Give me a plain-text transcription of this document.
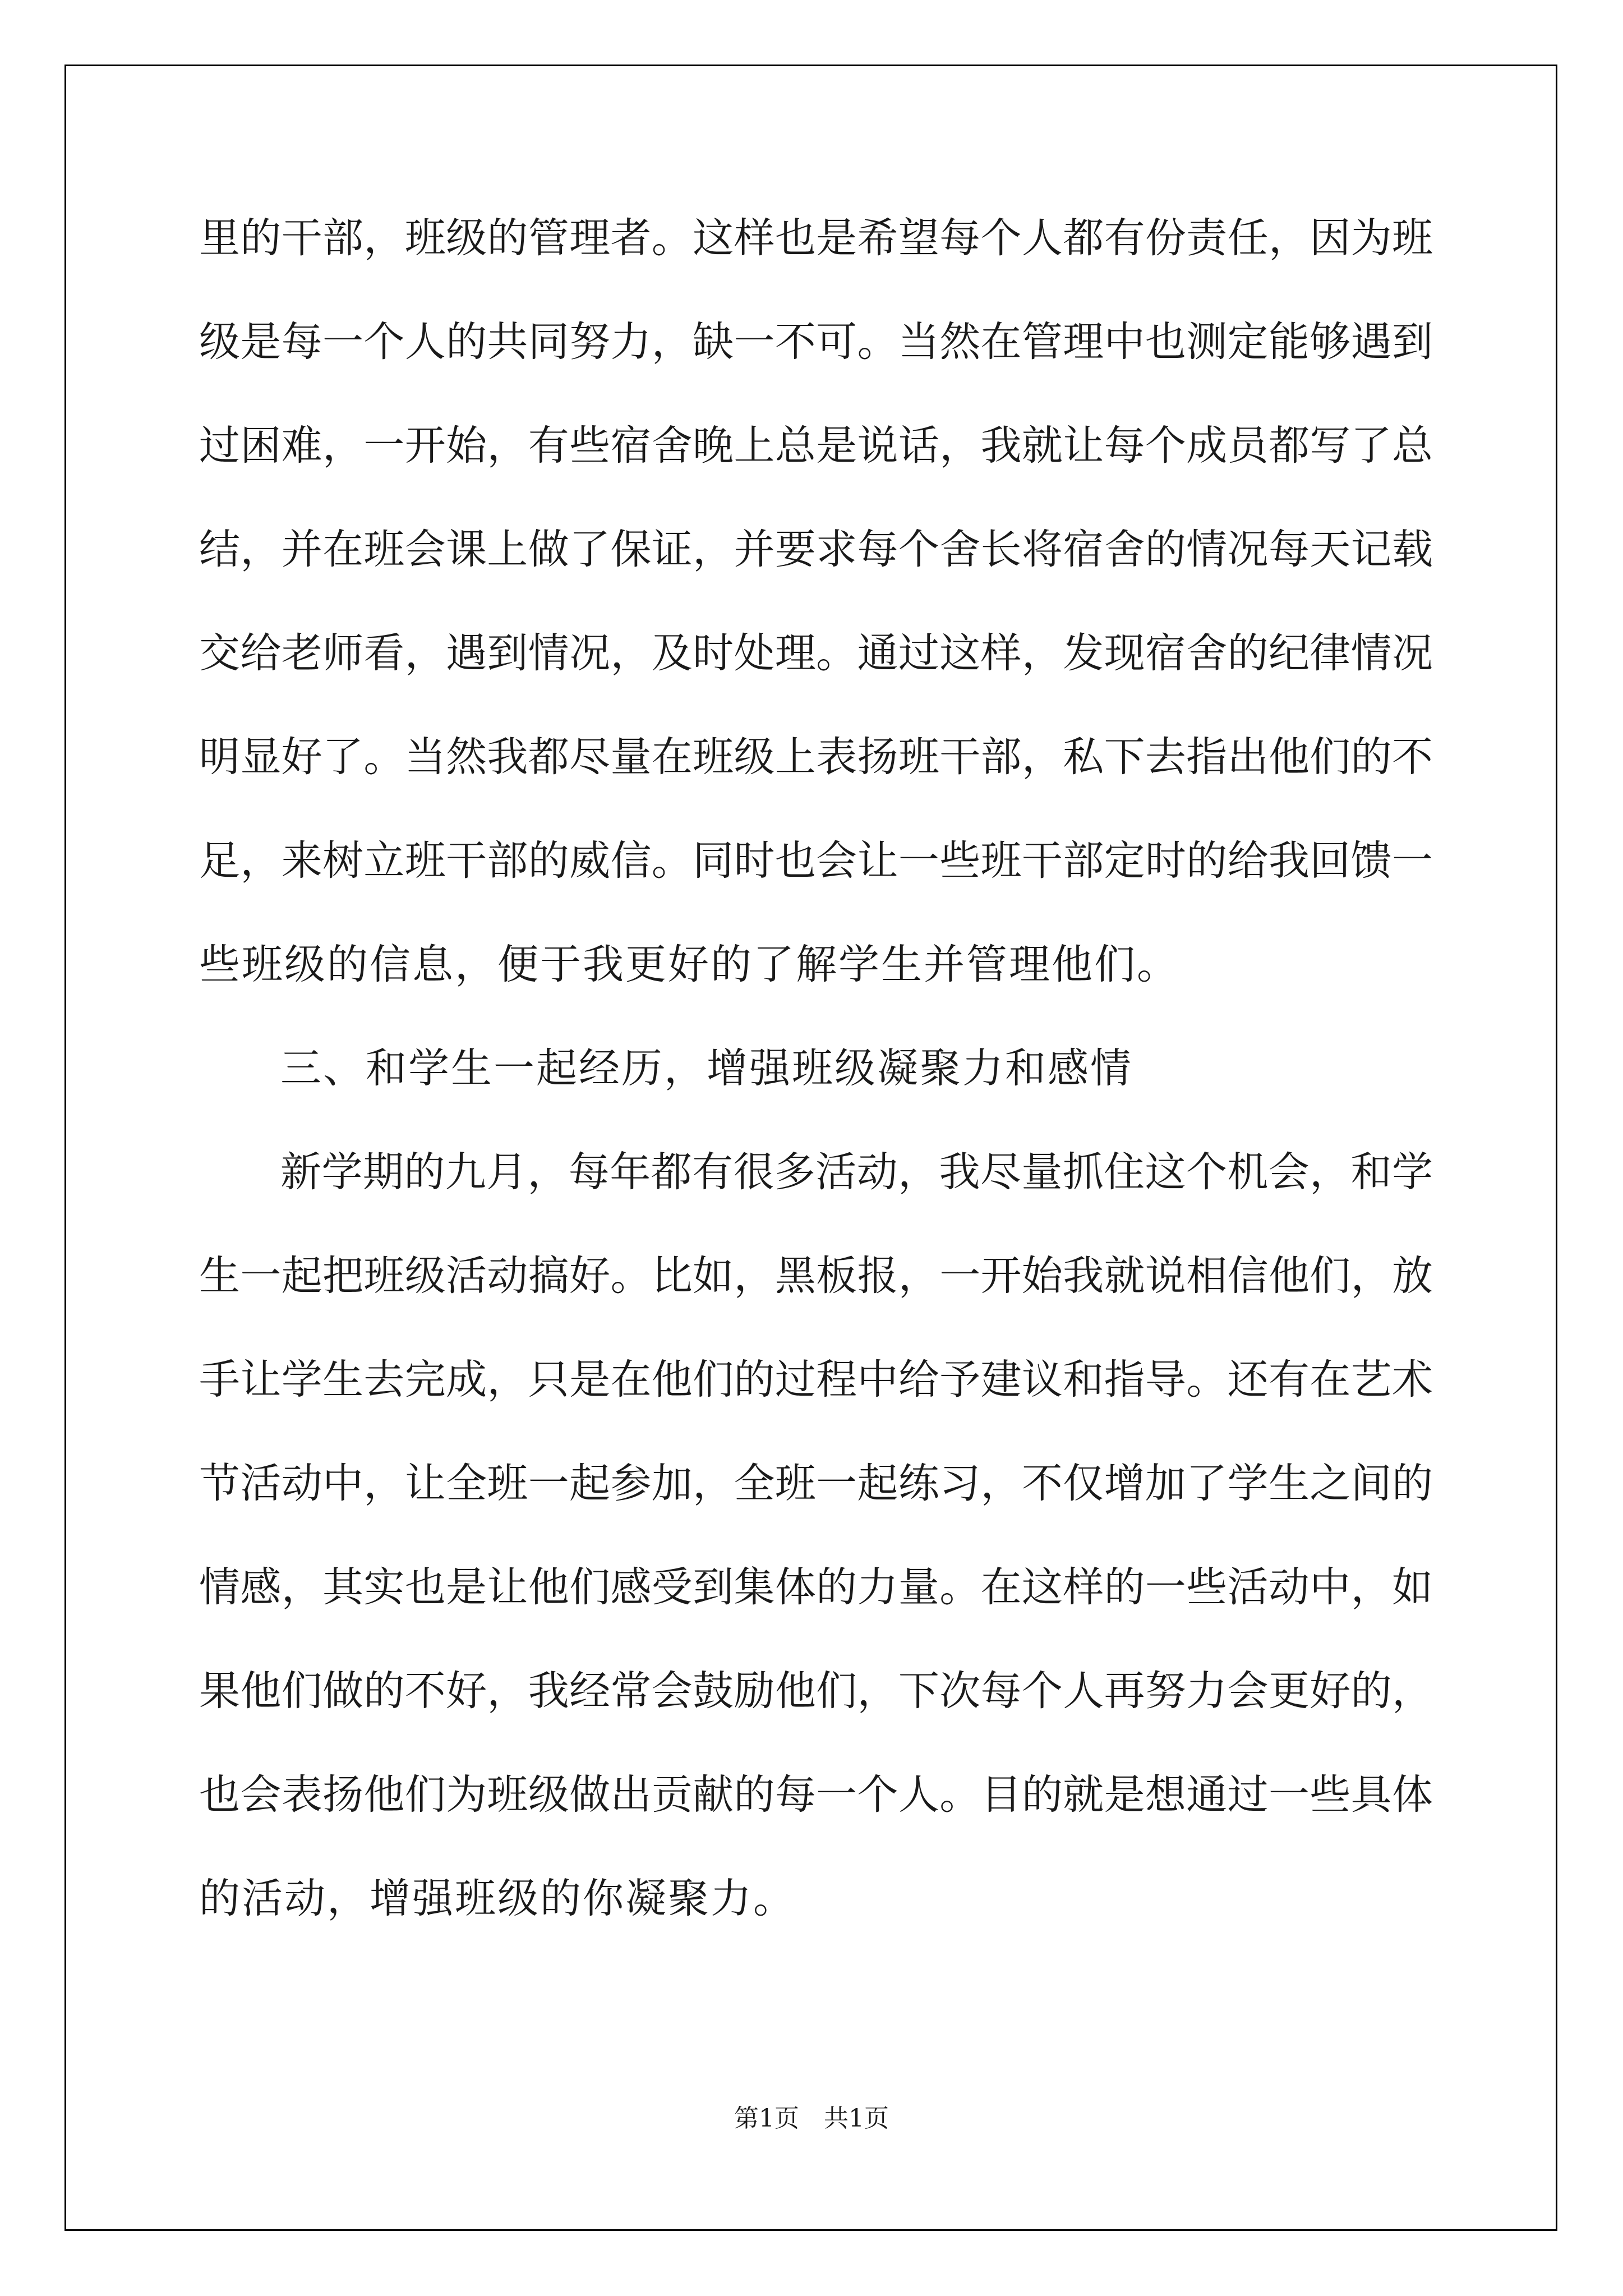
里的干部，班级的管理者。这样也是希望每个人都有份责任，因为班
级是每一个人的共同努力，缺一不可。当然在管理中也测定能够遇到
过困难，一开始，有些宿舍晚上总是说话，我就让每个成员都写了总
结，并在班会课上做了保证，并要求每个舍长将宿舍的情况每天记载
交给老师看，遇到情况，及时处理。通过这样，发现宿舍的纪律情况
明显好了。当然我都尽量在班级上表扬班干部，私下去指出他们的不
足，来树立班干部的威信。同时也会让一些班干部定时的给我回馈一
些班级的信息，便于我更好的了解学生并管理他们。
三、和学生一起经历，增强班级凝聚力和感情
新学期的九月，每年都有很多活动，我尽量抓住这个机会，和学
生一起把班级活动搞好。比如，黑板报，一开始我就说相信他们，放
手让学生去完成，只是在他们的过程中给予建议和指导。还有在艺术
节活动中，让全班一起参加，全班一起练习，不仅增加了学生之间的
情感，其实也是让他们感受到集体的力量。在这样的一些活动中，如
果他们做的不好，我经常会鼓励他们，下次每个人再努力会更好的，
也会表扬他们为班级做出贡献的每一个人。目的就是想通过一些具体
的活动，增强班级的你凝聚力。
第1页　共1页
